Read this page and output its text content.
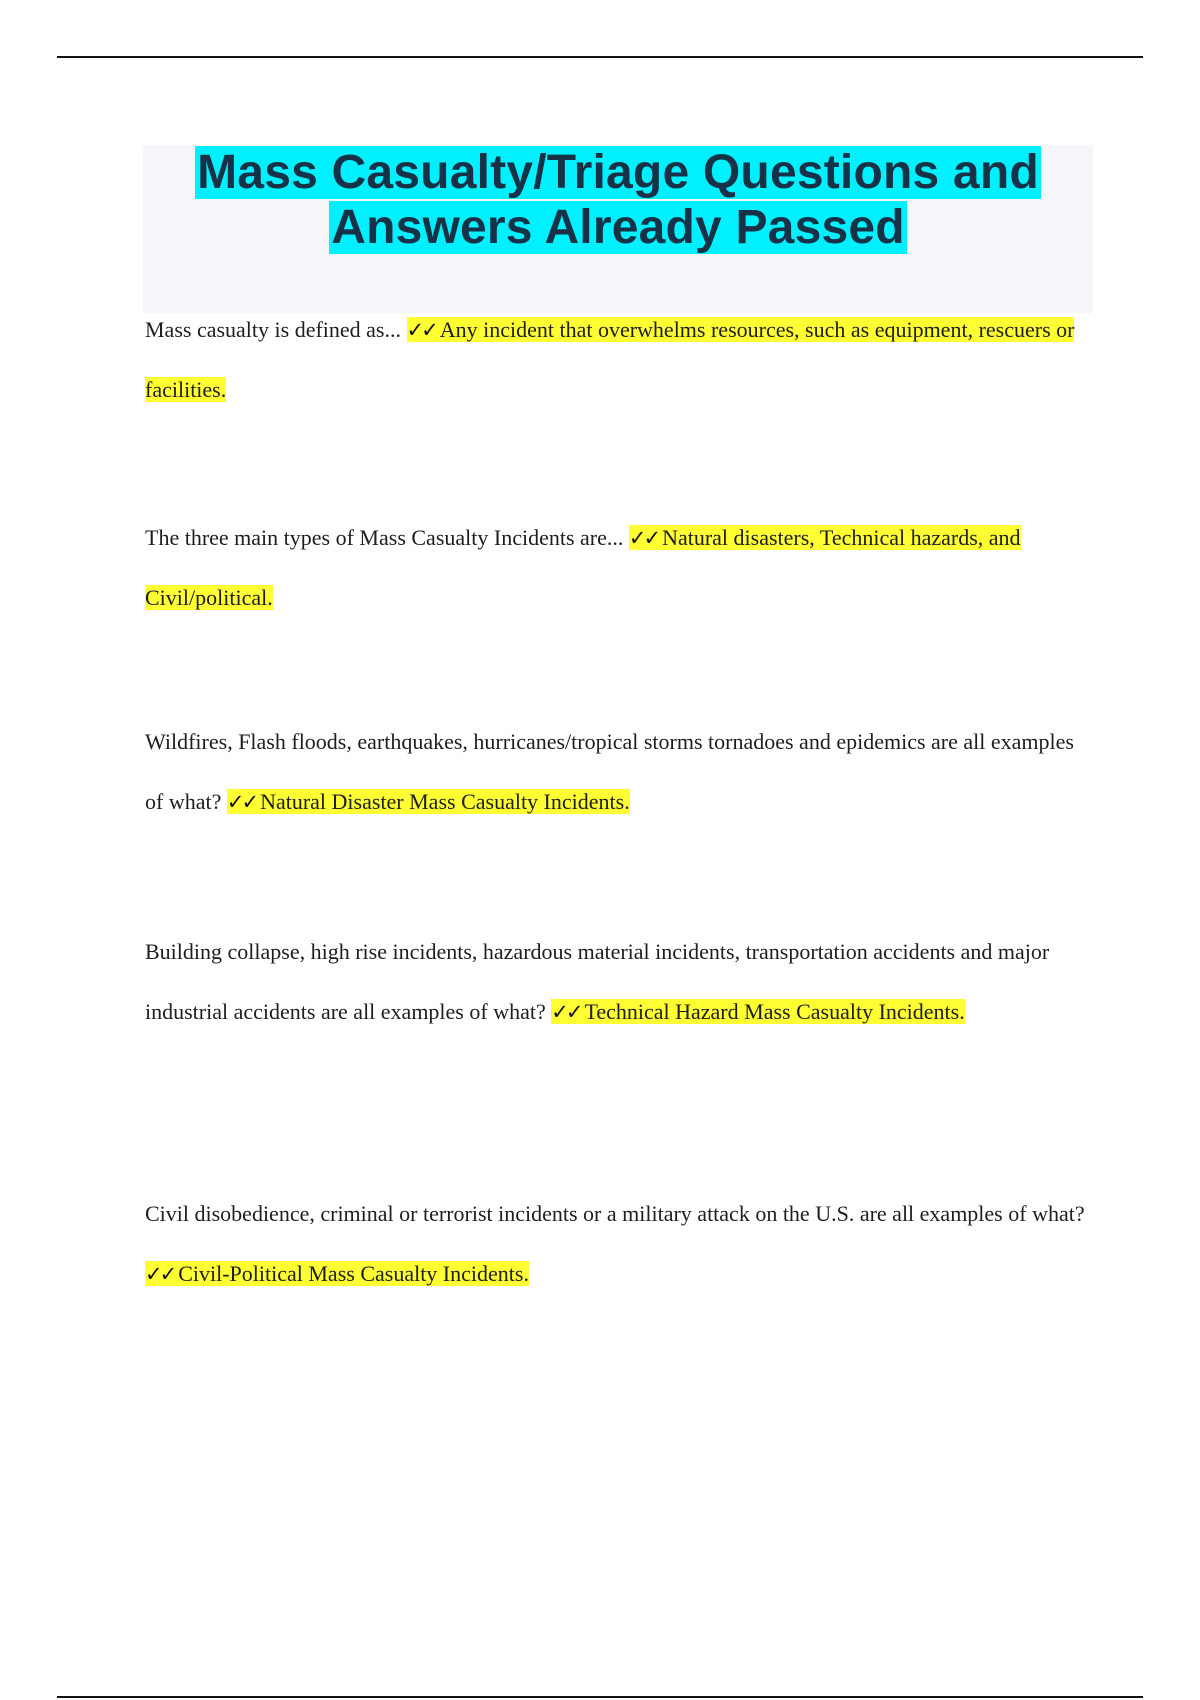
Mass Casualty/Triage Questions and Answers Already Passed

Mass casualty is defined as... ✓✓ Any incident that overwhelms resources, such as equipment, rescuers or facilities.

The three main types of Mass Casualty Incidents are... ✓✓ Natural disasters, Technical hazards, and Civil/political.

Wildfires, Flash floods, earthquakes, hurricanes/tropical storms tornadoes and epidemics are all examples of what? ✓✓ Natural Disaster Mass Casualty Incidents.

Building collapse, high rise incidents, hazardous material incidents, transportation accidents and major industrial accidents are all examples of what? ✓✓ Technical Hazard Mass Casualty Incidents.

Civil disobedience, criminal or terrorist incidents or a military attack on the U.S. are all examples of what? ✓✓ Civil-Political Mass Casualty Incidents.
